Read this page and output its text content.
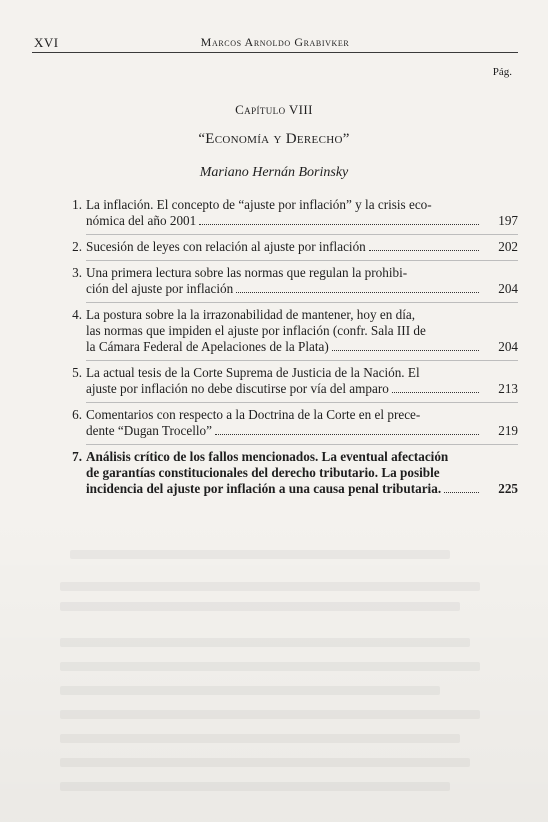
XVI	Marcos Arnoldo Grabivker
Pág.
Capítulo VIII
“Economía y Derecho”
Mariano Hernán Borinsky
1. La inflación. El concepto de “ajuste por inflación” y la crisis eco-
nómica del año 2001	197
2. Sucesión de leyes con relación al ajuste por inflación	202
3. Una primera lectura sobre las normas que regulan la prohibi-
ción del ajuste por inflación	204
4. La postura sobre la la irrazonabilidad de mantener, hoy en día,
las normas que impiden el ajuste por inflación (confr. Sala III de
la Cámara Federal de Apelaciones de la Plata)	204
5. La actual tesis de la Corte Suprema de Justicia de la Nación. El
ajuste por inflación no debe discutirse por vía del amparo	213
6. Comentarios con respecto a la Doctrina de la Corte en el prece-
dente “Dugan Trocello”	219
7. Análisis crítico de los fallos mencionados. La eventual afectación
de garantías constitucionales del derecho tributario. La posible
incidencia del ajuste por inflación a una causa penal tributaria.	225
